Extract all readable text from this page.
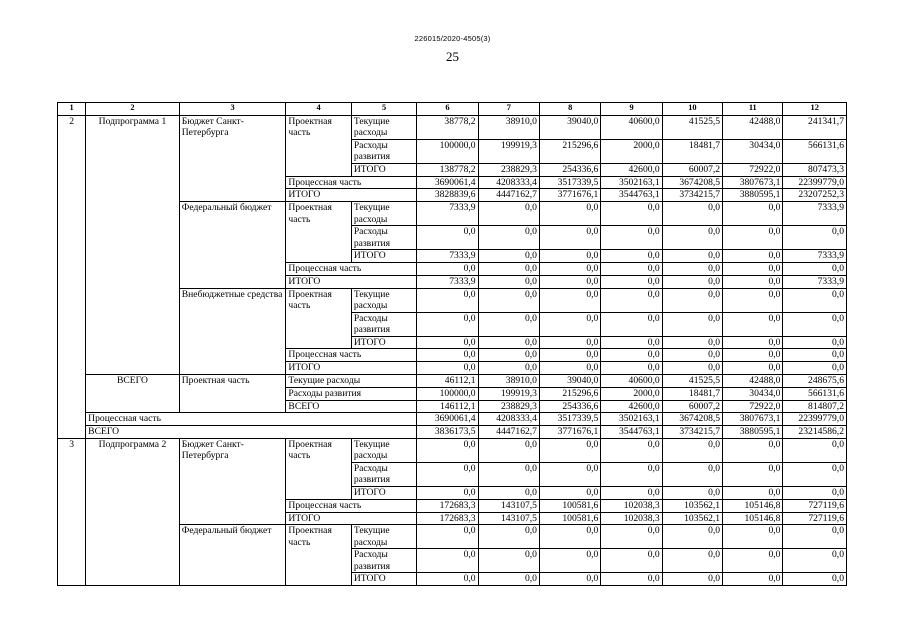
226015/2020-4505(3)
25
1	2	3	4	5	6	7	8	9	10	11	12
2	Подпрограмма 1	Бюджет Санкт-Петербурга	Проектная часть	Текущие расходы	38778,2	38910,0	39040,0	40600,0	41525,5	42488,0	241341,7
				Расходы развития	100000,0	199919,3	215296,6	2000,0	18481,7	30434,0	566131,6
				ИТОГО	138778,2	238829,3	254336,6	42600,0	60007,2	72922,0	807473,3
			Процессная часть		3690061,4	4208333,4	3517339,5	3502163,1	3674208,5	3807673,1	22399779,0
			ИТОГО		3828839,6	4447162,7	3771676,1	3544763,1	3734215,7	3880595,1	23207252,3
		Федеральный бюджет	Проектная часть	Текущие расходы	7333,9	0,0	0,0	0,0	0,0	0,0	7333,9
				Расходы развития	0,0	0,0	0,0	0,0	0,0	0,0	0,0
				ИТОГО	7333,9	0,0	0,0	0,0	0,0	0,0	7333,9
			Процессная часть		0,0	0,0	0,0	0,0	0,0	0,0	0,0
			ИТОГО		7333,9	0,0	0,0	0,0	0,0	0,0	7333,9
		Внебюджетные средства	Проектная часть	Текущие расходы	0,0	0,0	0,0	0,0	0,0	0,0	0,0
				Расходы развития	0,0	0,0	0,0	0,0	0,0	0,0	0,0
				ИТОГО	0,0	0,0	0,0	0,0	0,0	0,0	0,0
			Процессная часть		0,0	0,0	0,0	0,0	0,0	0,0	0,0
			ИТОГО		0,0	0,0	0,0	0,0	0,0	0,0	0,0
	ВСЕГО	Проектная часть	Текущие расходы		46112,1	38910,0	39040,0	40600,0	41525,5	42488,0	248675,6
			Расходы развития		100000,0	199919,3	215296,6	2000,0	18481,7	30434,0	566131,6
			ВСЕГО		146112,1	238829,3	254336,6	42600,0	60007,2	72922,0	814807,2
	Процессная часть				3690061,4	4208333,4	3517339,5	3502163,1	3674208,5	3807673,1	22399779,0
	ВСЕГО				3836173,5	4447162,7	3771676,1	3544763,1	3734215,7	3880595,1	23214586,2
3	Подпрограмма 2	Бюджет Санкт-Петербурга	Проектная часть	Текущие расходы	0,0	0,0	0,0	0,0	0,0	0,0	0,0
				Расходы развития	0,0	0,0	0,0	0,0	0,0	0,0	0,0
				ИТОГО	0,0	0,0	0,0	0,0	0,0	0,0	0,0
			Процессная часть		172683,3	143107,5	100581,6	102038,3	103562,1	105146,8	727119,6
			ИТОГО		172683,3	143107,5	100581,6	102038,3	103562,1	105146,8	727119,6
		Федеральный бюджет	Проектная часть	Текущие расходы	0,0	0,0	0,0	0,0	0,0	0,0	0,0
				Расходы развития	0,0	0,0	0,0	0,0	0,0	0,0	0,0
				ИТОГО	0,0	0,0	0,0	0,0	0,0	0,0	0,0
